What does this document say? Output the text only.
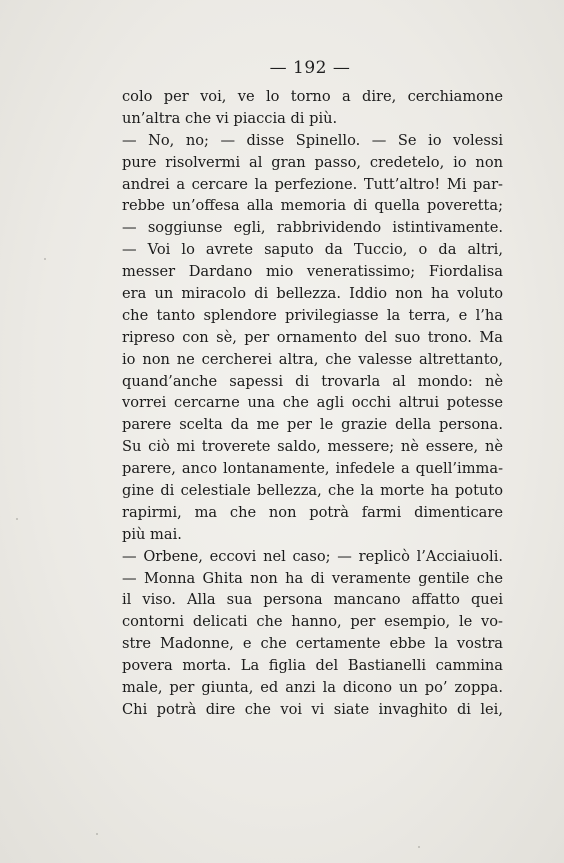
— 192 —
colo per voi, ve lo torno a dire, cerchiamone
un’altra che vi piaccia di più.
— No, no; — disse Spinello. — Se io volessi
pure risolvermi al gran passo, credetelo, io non
andrei a cercare la perfezione. Tutt’altro! Mi par-
rebbe un’offesa alla memoria di quella poveretta;
— soggiunse egli, rabbrividendo istintivamente.
— Voi lo avrete saputo da Tuccio, o da altri,
messer Dardano mio veneratissimo; Fiordalisa
era un miracolo di bellezza. Iddio non ha voluto
che tanto splendore privilegiasse la terra, e l’ha
ripreso con sè, per ornamento del suo trono. Ma
io non ne cercherei altra, che valesse altrettanto,
quand’anche sapessi di trovarla al mondo: nè
vorrei cercarne una che agli occhi altrui potesse
parere scelta da me per le grazie della persona.
Su ciò mi troverete saldo, messere; nè essere, nè
parere, anco lontanamente, infedele a quell’imma-
gine di celestiale bellezza, che la morte ha potuto
rapirmi, ma che non potrà farmi dimenticare
più mai.
— Orbene, eccovi nel caso; — replicò l’Acciaiuoli.
— Monna Ghita non ha di veramente gentile che
il viso. Alla sua persona mancano affatto quei
contorni delicati che hanno, per esempio, le vo-
stre Madonne, e che certamente ebbe la vostra
povera morta. La figlia del Bastianelli cammina
male, per giunta, ed anzi la dicono un po’ zoppa.
Chi potrà dire che voi vi siate invaghito di lei,
